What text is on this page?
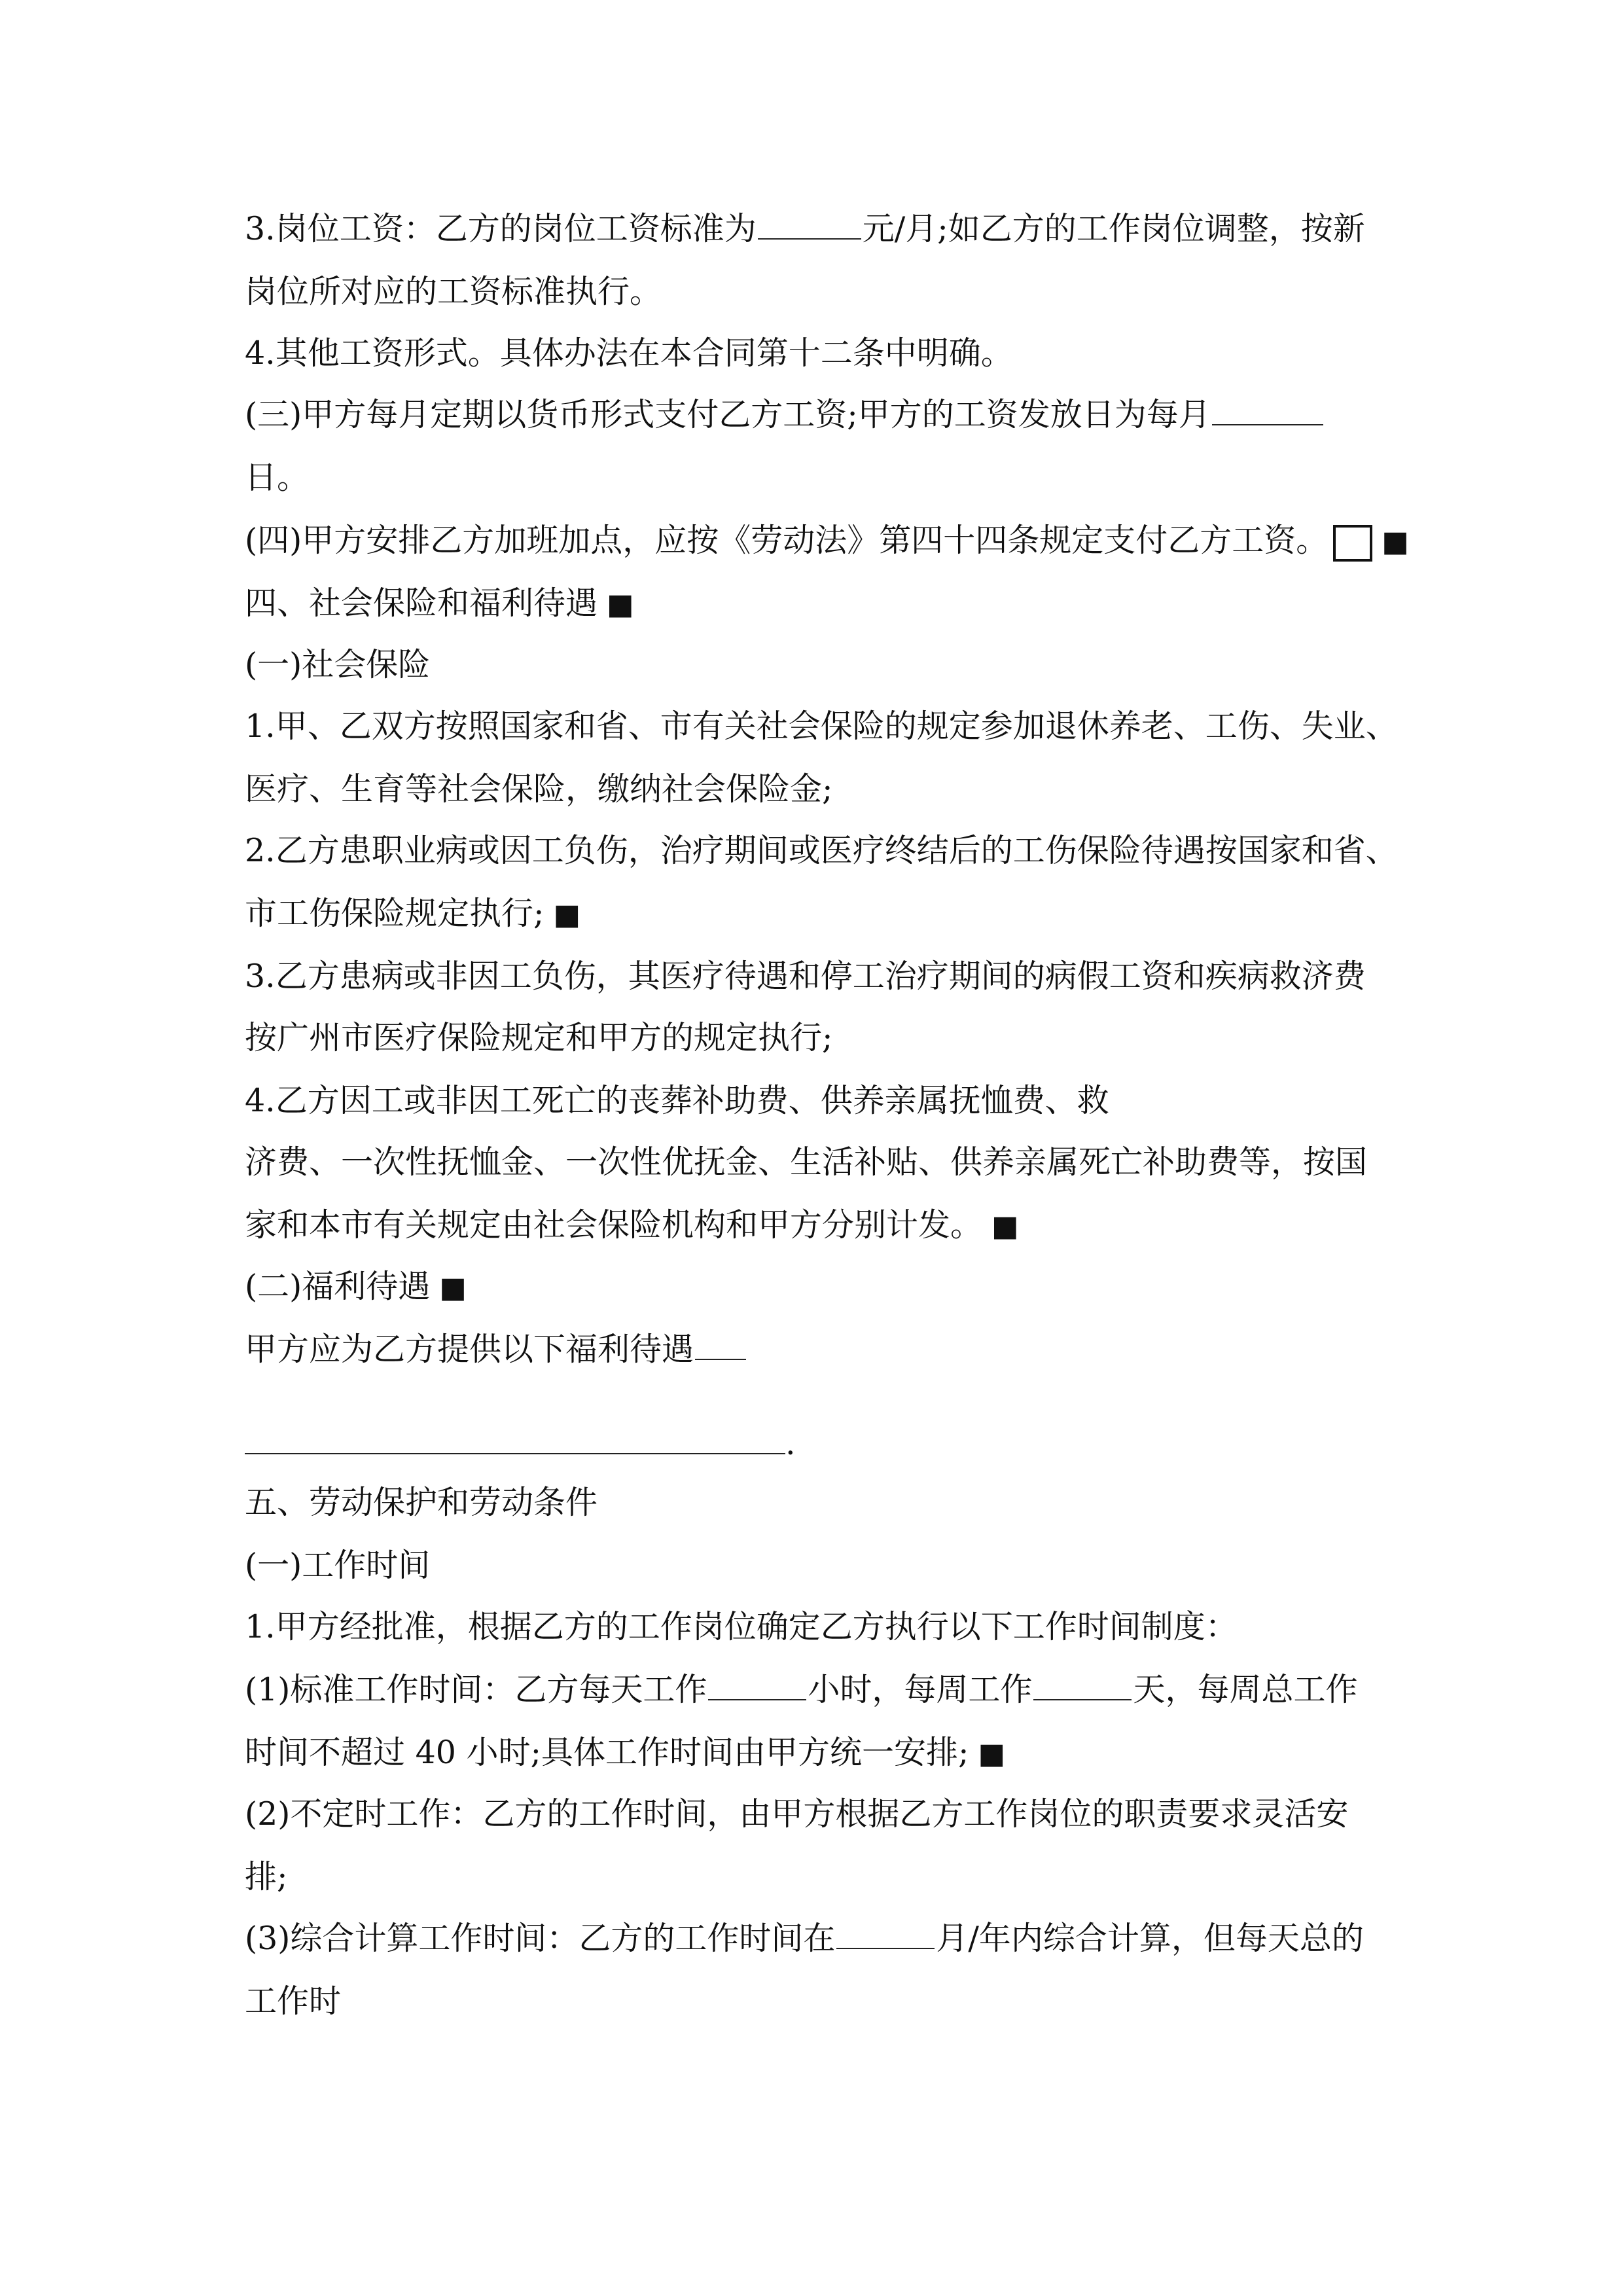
3.岗位工资：乙方的岗位工资标准为	元/月;如乙方的工作岗位调整，按新
岗位所对应的工资标准执行。
4.其他工资形式。具体办法在本合同第十二条中明确。
(三)甲方每月定期以货币形式支付乙方工资;甲方的工资发放日为每月
日。
(四)甲方安排乙方加班加点，应按《劳动法》第四十四条规定支付乙方工资。 ■
四、社会保险和福利待遇 ■
(一)社会保险
1.甲、乙双方按照国家和省、市有关社会保险的规定参加退休养老、工伤、失业、
医疗、生育等社会保险，缴纳社会保险金;
2.乙方患职业病或因工负伤，治疗期间或医疗终结后的工伤保险待遇按国家和省、
市工伤保险规定执行; ■
3.乙方患病或非因工负伤，其医疗待遇和停工治疗期间的病假工资和疾病救济费
按广州市医疗保险规定和甲方的规定执行;
4.乙方因工或非因工死亡的丧葬补助费、供养亲属抚恤费、救
济费、一次性抚恤金、一次性优抚金、生活补贴、供养亲属死亡补助费等，按国
家和本市有关规定由社会保险机构和甲方分别计发。 ■
(二)福利待遇 ■
甲方应为乙方提供以下福利待遇
.
五、劳动保护和劳动条件
(一)工作时间
1.甲方经批准，根据乙方的工作岗位确定乙方执行以下工作时间制度：
(1)标准工作时间：乙方每天工作	小时，每周工作	天，每周总工作
时间不超过 40 小时;具体工作时间由甲方统一安排; ■
(2)不定时工作：乙方的工作时间，由甲方根据乙方工作岗位的职责要求灵活安
排;
(3)综合计算工作时间：乙方的工作时间在	月/年内综合计算，但每天总的
工作时
